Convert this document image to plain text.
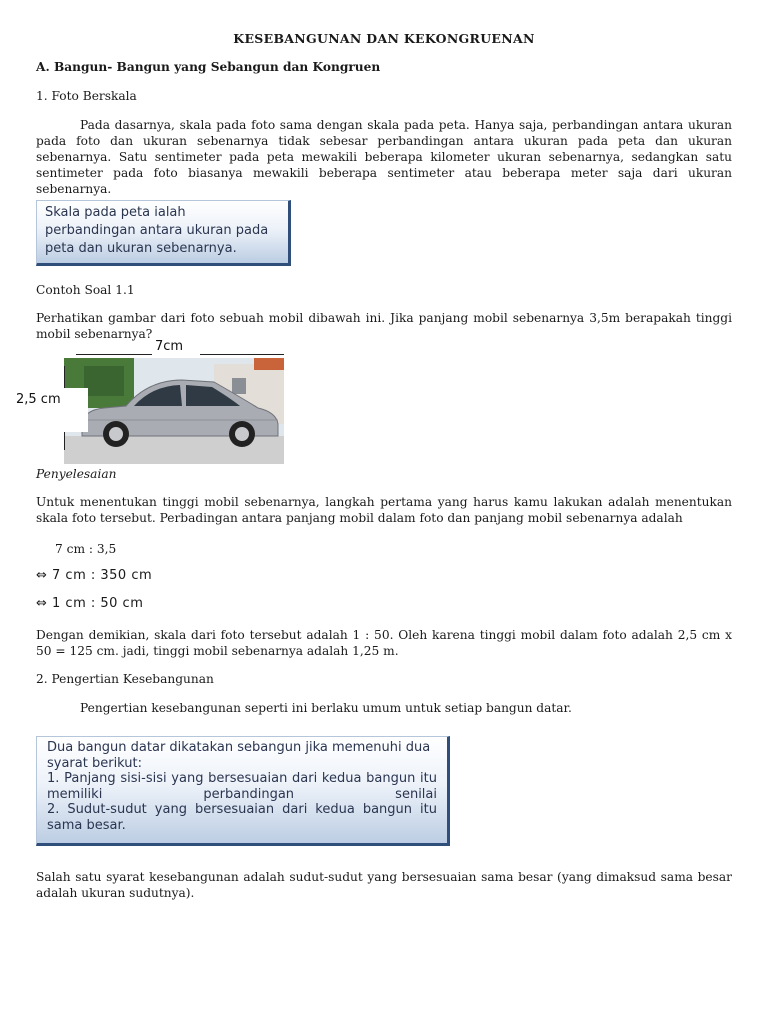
KESEBANGUNAN DAN KEKONGRUENAN

A. Bangun- Bangun yang Sebangun dan Kongruen

1. Foto Berskala

Pada dasarnya, skala pada foto sama dengan skala pada peta. Hanya saja, perbandingan antara ukuran pada foto dan ukuran sebenarnya tidak sebesar perbandingan antara ukuran pada peta dan ukuran sebenarnya. Satu sentimeter pada peta mewakili beberapa kilometer ukuran sebenarnya, sedangkan satu sentimeter pada foto biasanya mewakili beberapa sentimeter atau beberapa meter saja dari ukuran sebenarnya.

Skala pada peta ialah perbandingan antara ukuran pada peta dan ukuran sebenarnya.

Contoh Soal 1.1

Perhatikan gambar dari foto sebuah mobil dibawah ini. Jika panjang mobil sebenarnya 3,5m berapakah tinggi mobil sebenarnya?

7cm
2,5 cm

Penyelesaian

Untuk menentukan tinggi mobil sebenarnya, langkah pertama yang harus kamu lakukan adalah menentukan skala foto tersebut. Perbadingan antara panjang mobil dalam foto dan panjang mobil sebenarnya adalah

7 cm : 3,5

⇔ 7 cm : 350 cm

⇔ 1 cm : 50 cm

Dengan demikian, skala dari foto tersebut adalah 1 : 50. Oleh karena tinggi mobil dalam foto adalah 2,5 cm x 50 = 125 cm. jadi, tinggi mobil sebenarnya adalah 1,25 m.

2. Pengertian Kesebangunan

Pengertian kesebangunan seperti ini berlaku umum untuk setiap bangun datar.

Dua bangun datar dikatakan sebangun jika memenuhi dua syarat berikut:
1. Panjang sisi-sisi yang bersesuaian dari kedua bangun itu memiliki perbandingan senilai
2. Sudut-sudut yang bersesuaian dari kedua bangun itu sama besar.

Salah satu syarat kesebangunan adalah sudut-sudut yang bersesuaian sama besar (yang dimaksud sama besar adalah ukuran sudutnya).
